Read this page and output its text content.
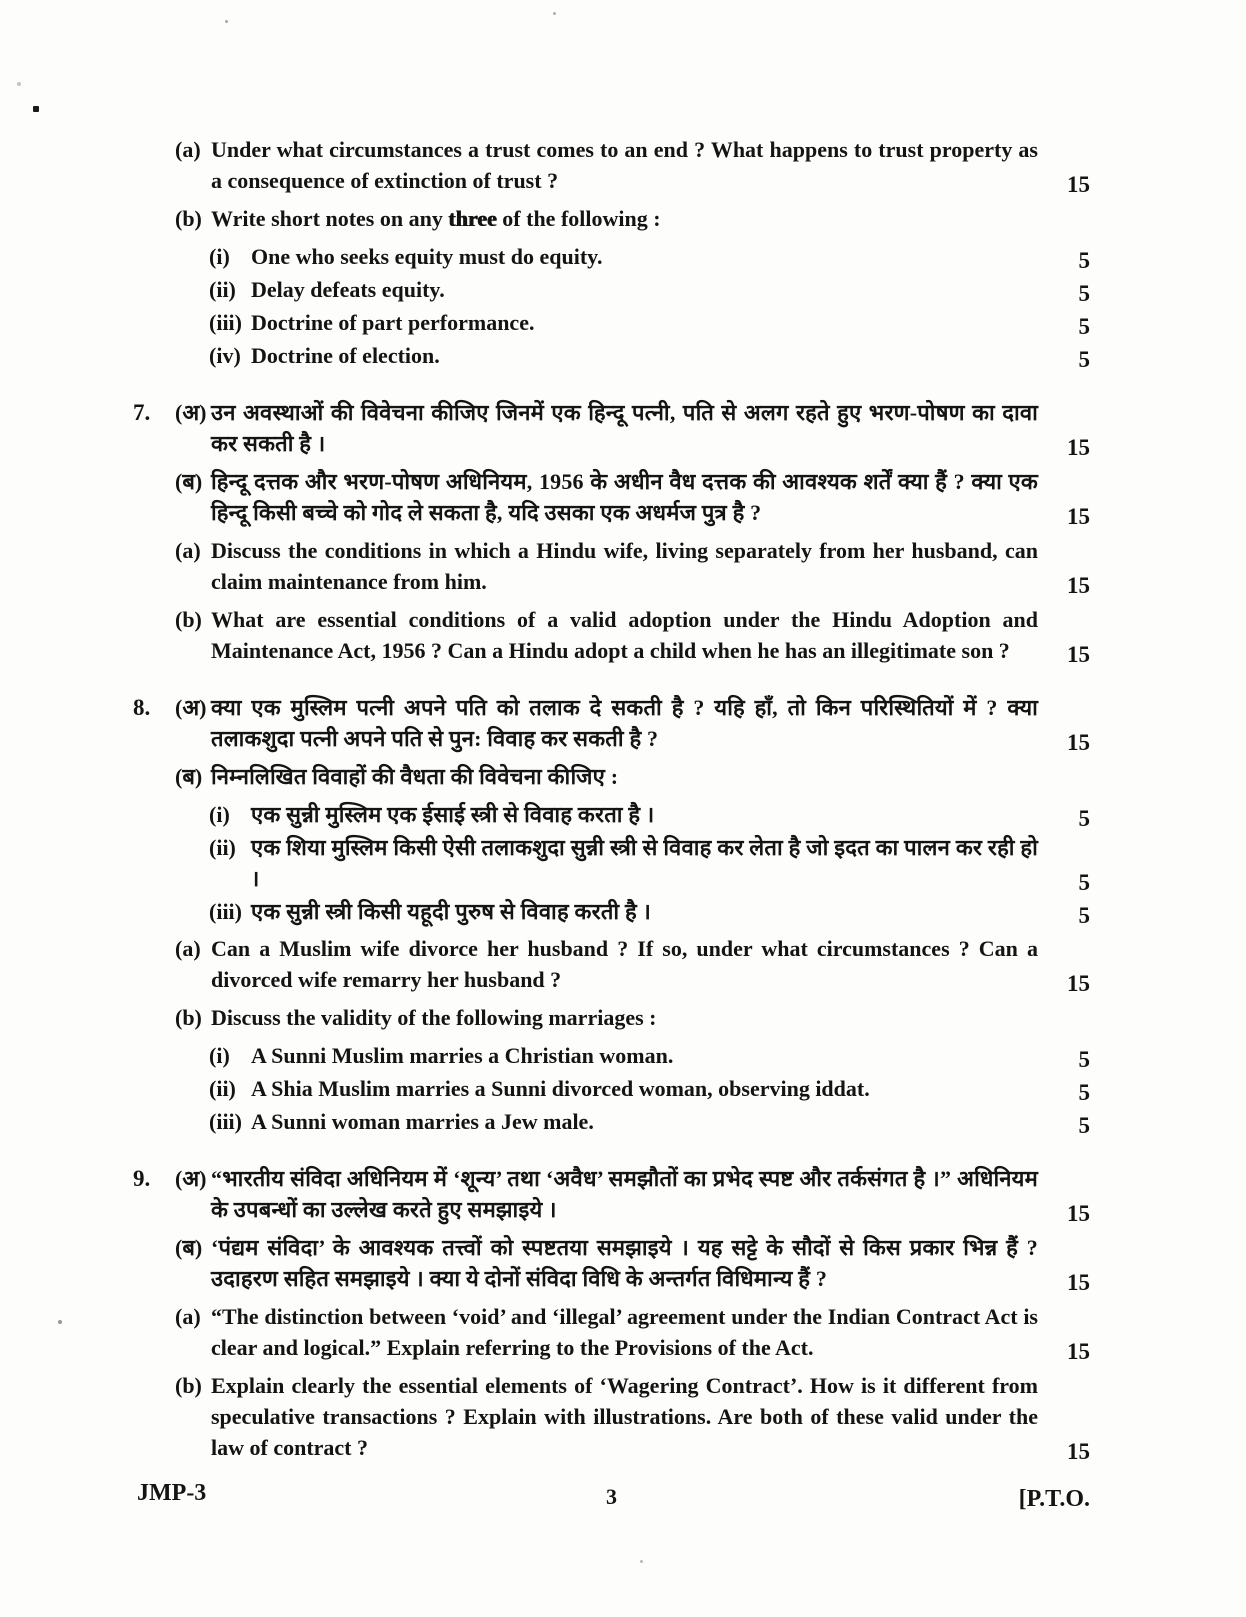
(a) Under what circumstances a trust comes to an end ? What happens to trust property as a consequence of extinction of trust ?	15
(b) Write short notes on any three of the following :
(i) One who seeks equity must do equity.	5
(ii) Delay defeats equity.	5
(iii) Doctrine of part performance.	5
(iv) Doctrine of election.	5
7. (अ) उन अवस्थाओं की विवेचना कीजिए जिनमें एक हिन्दू पत्नी, पति से अलग रहते हुए भरण-पोषण का दावा कर सकती है ।	15
(ब) हिन्दू दत्तक और भरण-पोषण अधिनियम, 1956 के अधीन वैध दत्तक की आवश्यक शर्तें क्या हैं ? क्या एक हिन्दू किसी बच्चे को गोद ले सकता है, यदि उसका एक अधर्मज पुत्र है ?	15
(a) Discuss the conditions in which a Hindu wife, living separately from her husband, can claim maintenance from him.	15
(b) What are essential conditions of a valid adoption under the Hindu Adoption and Maintenance Act, 1956 ? Can a Hindu adopt a child when he has an illegitimate son ?	15
8. (अ) क्या एक मुस्लिम पत्नी अपने पति को तलाक दे सकती है ? यहि हाँ, तो किन परिस्थितियों में ? क्या तलाकशुदा पत्नी अपने पति से पुन: विवाह कर सकती है ?	15
(ब) निम्नलिखित विवाहों की वैधता की विवेचना कीजिए :
(i) एक सुन्नी मुस्लिम एक ईसाई स्त्री से विवाह करता है ।	5
(ii) एक शिया मुस्लिम किसी ऐसी तलाकशुदा सुन्नी स्त्री से विवाह कर लेता है जो इदत का पालन कर रही हो ।	5
(iii) एक सुन्नी स्त्री किसी यहूदी पुरुष से विवाह करती है ।	5
(a) Can a Muslim wife divorce her husband ? If so, under what circumstances ? Can a divorced wife remarry her husband ?	15
(b) Discuss the validity of the following marriages :
(i) A Sunni Muslim marries a Christian woman.	5
(ii) A Shia Muslim marries a Sunni divorced woman, observing iddat.	5
(iii) A Sunni woman marries a Jew male.	5
9. (अ) “भारतीय संविदा अधिनियम में ‘शून्य’ तथा ‘अवैध’ समझौतों का प्रभेद स्पष्ट और तर्कसंगत है ।” अधिनियम के उपबन्धों का उल्लेख करते हुए समझाइये ।	15
(ब) ‘पंद्यम संविदा’ के आवश्यक तत्त्वों को स्पष्टतया समझाइये । यह सट्टे के सौदों से किस प्रकार भिन्न हैं ? उदाहरण सहित समझाइये । क्या ये दोनों संविदा विधि के अन्तर्गत विधिमान्य हैं ?	15
(a) “The distinction between ‘void’ and ‘illegal’ agreement under the Indian Contract Act is clear and logical.” Explain referring to the Provisions of the Act.	15
(b) Explain clearly the essential elements of ‘Wagering Contract’. How is it different from speculative transactions ? Explain with illustrations. Are both of these valid under the law of contract ?	15
JMP-3	3	[P.T.O.
